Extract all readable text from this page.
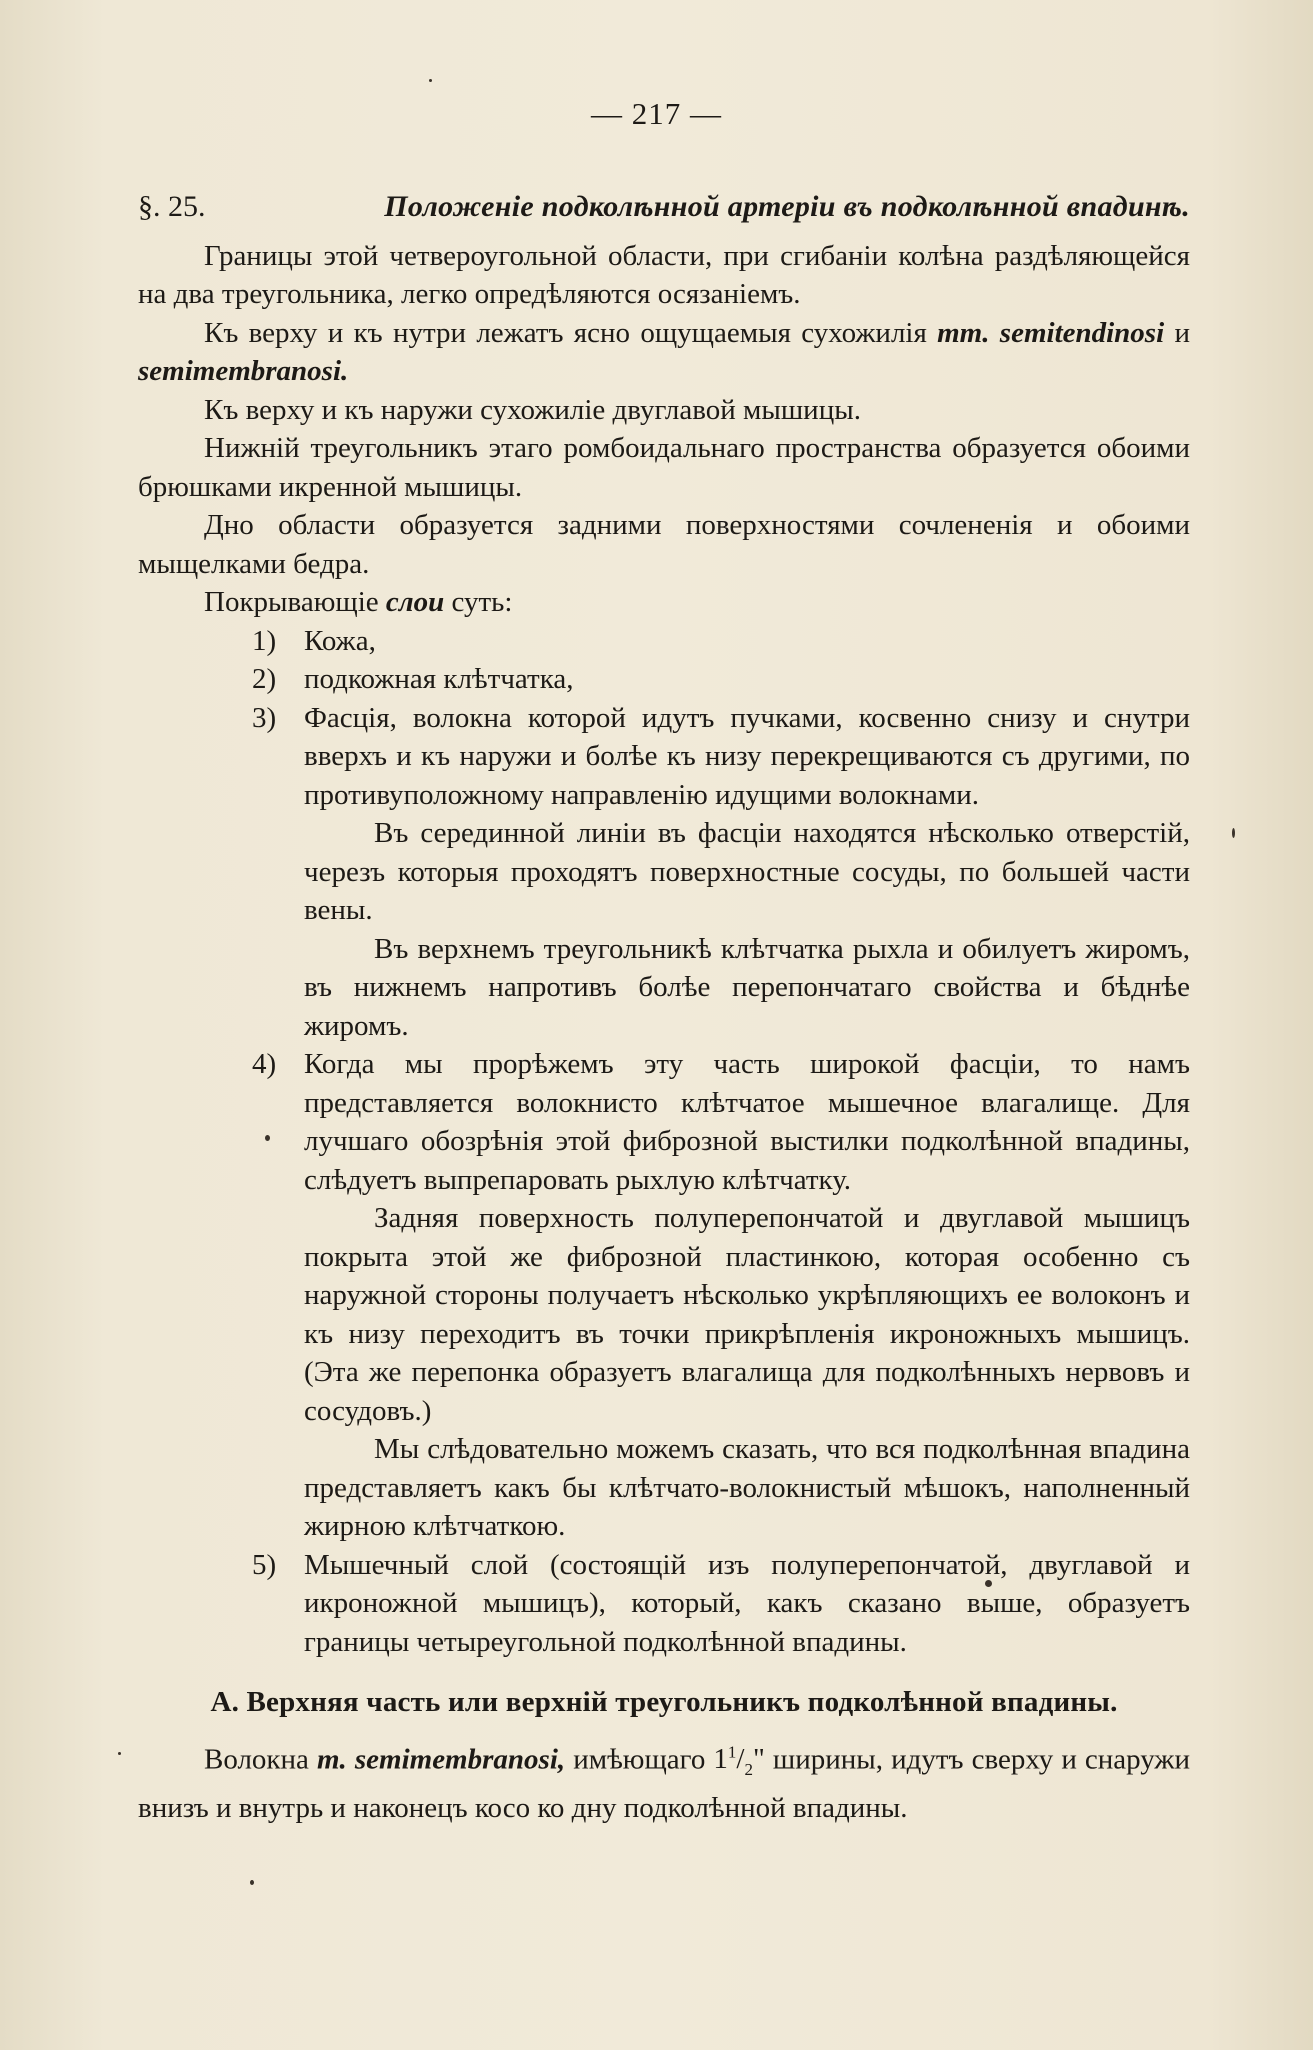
— 217 —
§. 25.	Положеніе подколѣнной артеріи въ подколѣнной впадинѣ.

Границы этой четвероугольной области, при сгибаніи колѣна раздѣляющейся на два треугольника, легко опредѣляются осязаніемъ.

Къ верху и къ нутри лежатъ ясно ощущаемыя сухожилія mm. semitendinosi и semimembranosi.

Къ верху и къ наружи сухожиліе двуглавой мышицы.

Нижній треугольникъ этаго ромбоидальнаго пространства образуется обоими брюшками икренной мышицы.

Дно области образуется задними поверхностями сочлененія и обоими мыщелками бедра.

Покрывающіе слои суть:

1) Кожа,
2) подкожная клѣтчатка,
3) Фасція, волокна которой идутъ пучками, косвенно снизу и снутри вверхъ и къ наружи и болѣе къ низу перекрещиваются съ другими, по противуположному направленію идущими волокнами.
Въ серединной линіи въ фасціи находятся нѣсколько отверстій, черезъ которыя проходятъ поверхностные сосуды, по большей части вены.
Въ верхнемъ треугольникѣ клѣтчатка рыхла и обилуетъ жиромъ, въ нижнемъ напротивъ болѣе перепончатаго свойства и бѣднѣе жиромъ.
4) Когда мы прорѣжемъ эту часть широкой фасціи, то намъ представляется волокнисто клѣтчатое мышечное влагалище. Для лучшаго обозрѣнія этой фиброзной выстилки подколѣнной впадины, слѣдуетъ выпрепаровать рыхлую клѣтчатку.
Задняя поверхность полуперепончатой и двуглавой мышицъ покрыта этой же фиброзной пластинкою, которая особенно съ наружной стороны получаетъ нѣсколько укрѣпляющихъ ее волоконъ и къ низу переходитъ въ точки прикрѣпленія икроножныхъ мышицъ. (Эта же перепонка образуетъ влагалища для подколѣнныхъ нервовъ и сосудовъ.)
Мы слѣдовательно можемъ сказать, что вся подколѣнная впадина представляетъ какъ бы клѣтчато-волокнистый мѣшокъ, наполненный жирною клѣтчаткою.
5) Мышечный слой (состоящій изъ полуперепончатой, двуглавой и икроножной мышицъ), который, какъ сказано выше, образуетъ границы четыреугольной подколѣнной впадины.
A. Верхняя часть или верхній треугольникъ подколѣнной впадины.

Волокна m. semimembranosi, имѣющаго $1^1/_2$" ширины, идутъ сверху и снаружи внизъ и внутрь и наконецъ косо ко дну подколѣнной впадины.
